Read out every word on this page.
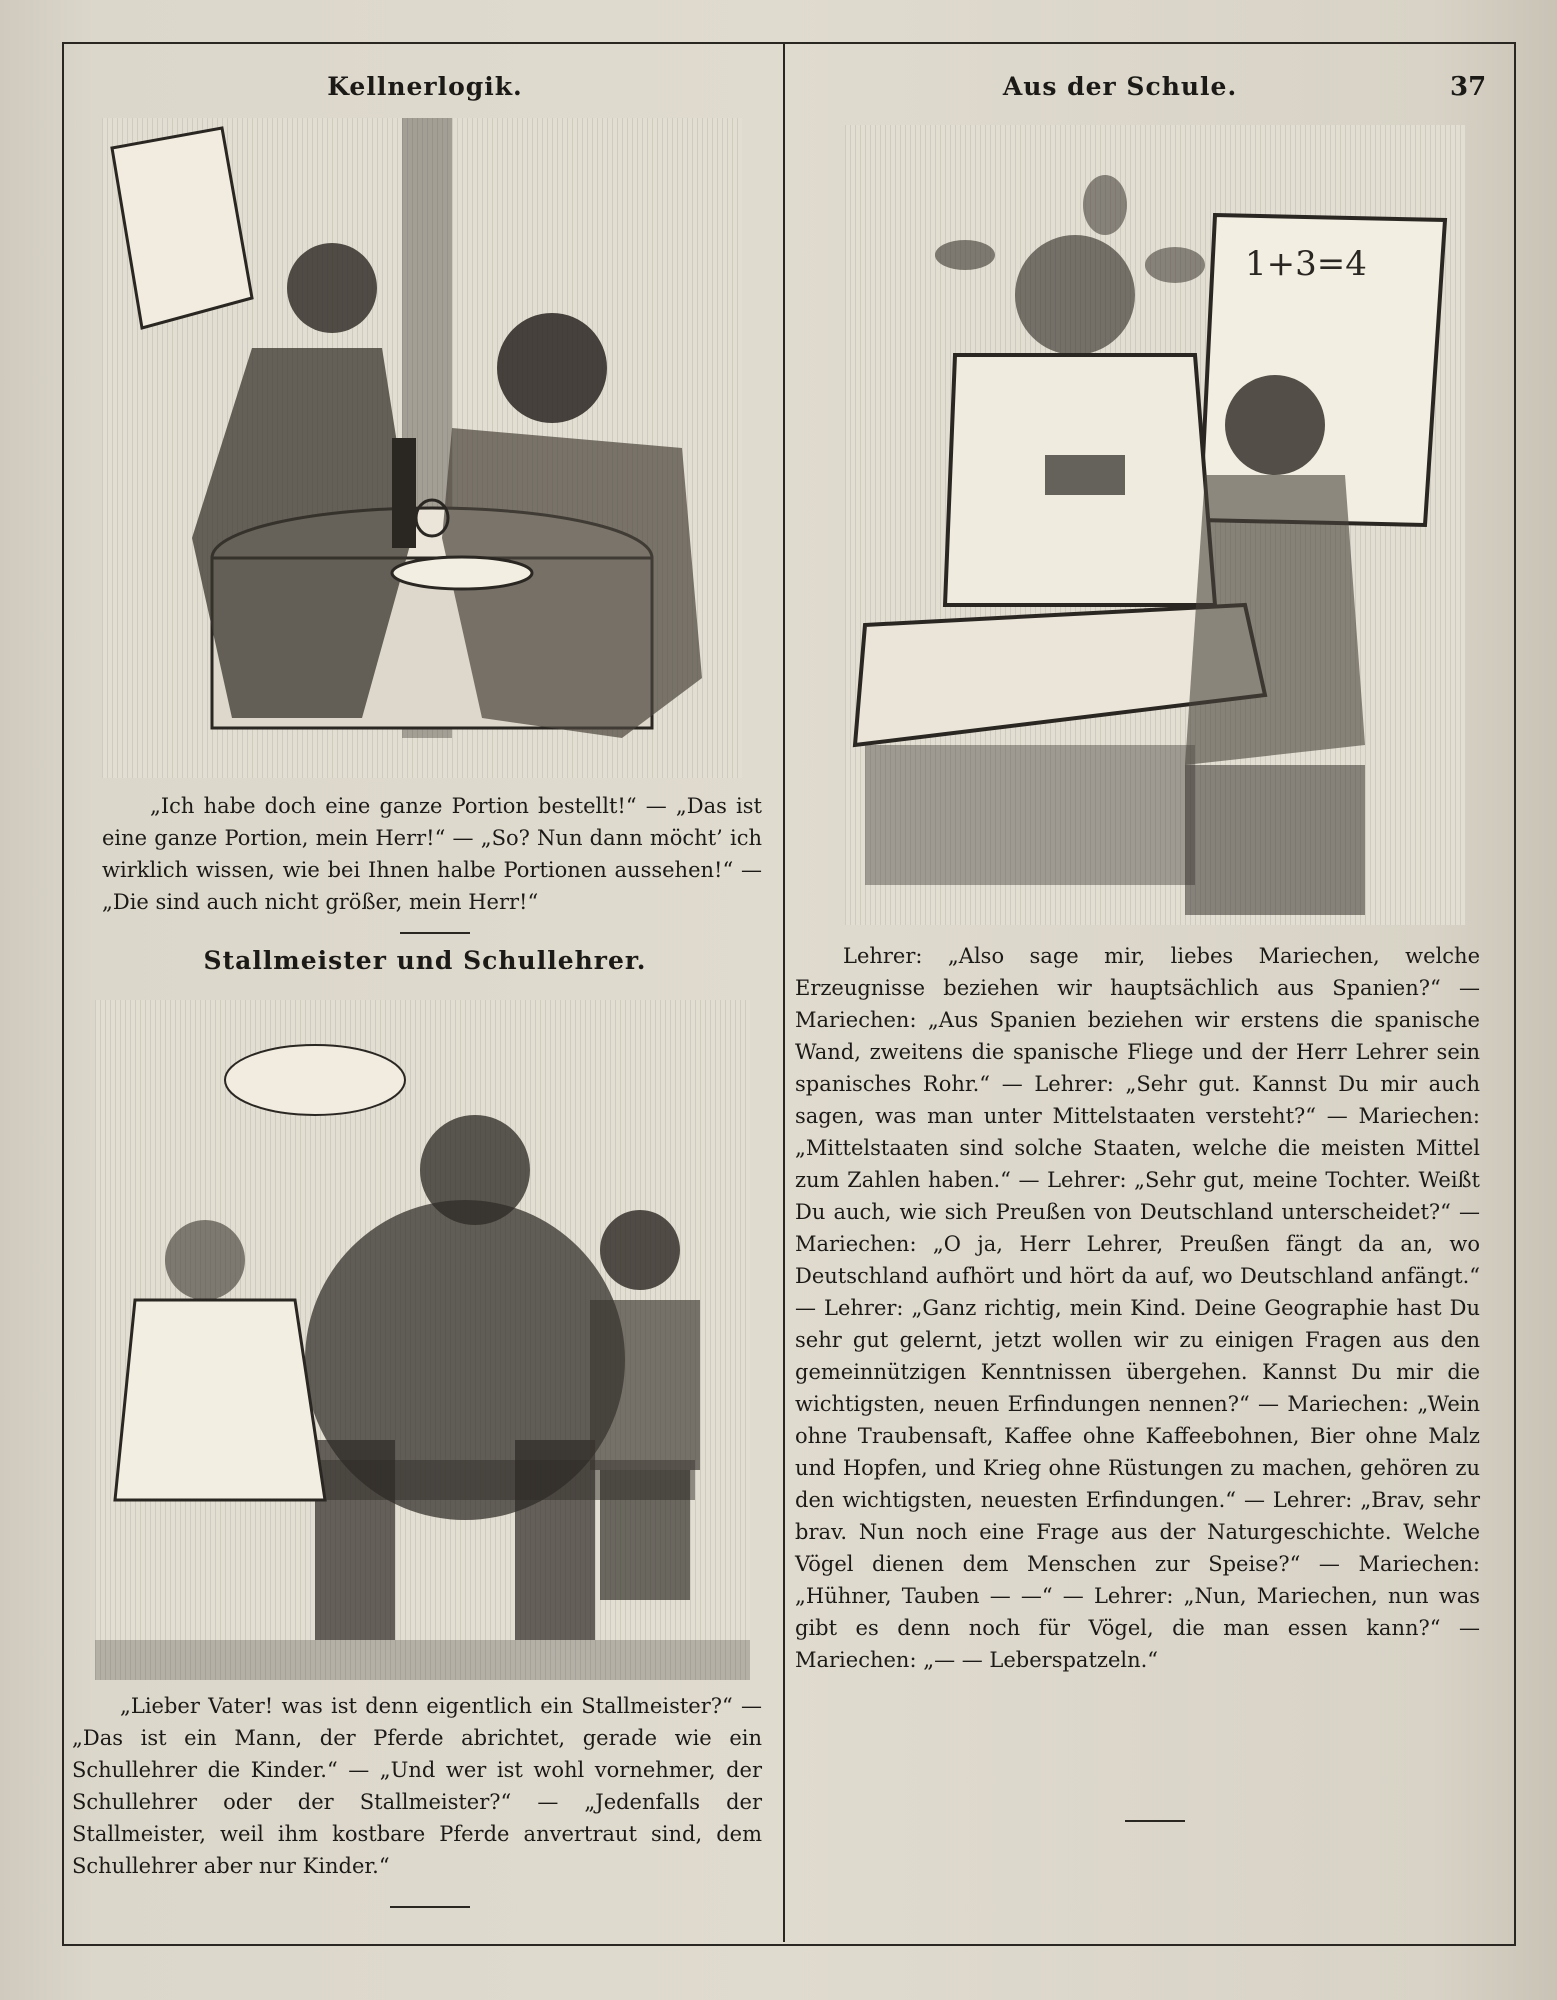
37
Kellnerlogik.
„Ich habe doch eine ganze Portion bestellt!“ — „Das ist eine ganze Portion, mein Herr!“ — „So? Nun dann möcht’ ich wirklich wissen, wie bei Ihnen halbe Portionen aussehen!“ — „Die sind auch nicht größer, mein Herr!“
Stallmeister und Schullehrer.
„Lieber Vater! was ist denn eigentlich ein Stallmeister?“ — „Das ist ein Mann, der Pferde abrichtet, gerade wie ein Schullehrer die Kinder.“ — „Und wer ist wohl vornehmer, der Schullehrer oder der Stallmeister?“ — „Jedenfalls der Stallmeister, weil ihm kostbare Pferde anvertraut sind, dem Schullehrer aber nur Kinder.“
Aus der Schule.
1+3=4
Lehrer: „Also sage mir, liebes Mariechen, welche Erzeugnisse beziehen wir hauptsächlich aus Spanien?“ — Mariechen: „Aus Spanien beziehen wir erstens die spanische Wand, zweitens die spanische Fliege und der Herr Lehrer sein spanisches Rohr.“ — Lehrer: „Sehr gut. Kannst Du mir auch sagen, was man unter Mittelstaaten versteht?“ — Mariechen: „Mittelstaaten sind solche Staaten, welche die meisten Mittel zum Zahlen haben.“ — Lehrer: „Sehr gut, meine Tochter. Weißt Du auch, wie sich Preußen von Deutschland unterscheidet?“ — Mariechen: „O ja, Herr Lehrer, Preußen fängt da an, wo Deutschland aufhört und hört da auf, wo Deutschland anfängt.“ — Lehrer: „Ganz richtig, mein Kind. Deine Geographie hast Du sehr gut gelernt, jetzt wollen wir zu einigen Fragen aus den gemeinnützigen Kenntnissen übergehen. Kannst Du mir die wichtigsten, neuen Erfindungen nennen?“ — Mariechen: „Wein ohne Traubensaft, Kaffee ohne Kaffeebohnen, Bier ohne Malz und Hopfen, und Krieg ohne Rüstungen zu machen, gehören zu den wichtigsten, neuesten Erfindungen.“ — Lehrer: „Brav, sehr brav. Nun noch eine Frage aus der Naturgeschichte. Welche Vögel dienen dem Menschen zur Speise?“ — Mariechen: „Hühner, Tauben — —“ — Lehrer: „Nun, Mariechen, nun was gibt es denn noch für Vögel, die man essen kann?“ — Mariechen: „— — Leberspatzeln.“
